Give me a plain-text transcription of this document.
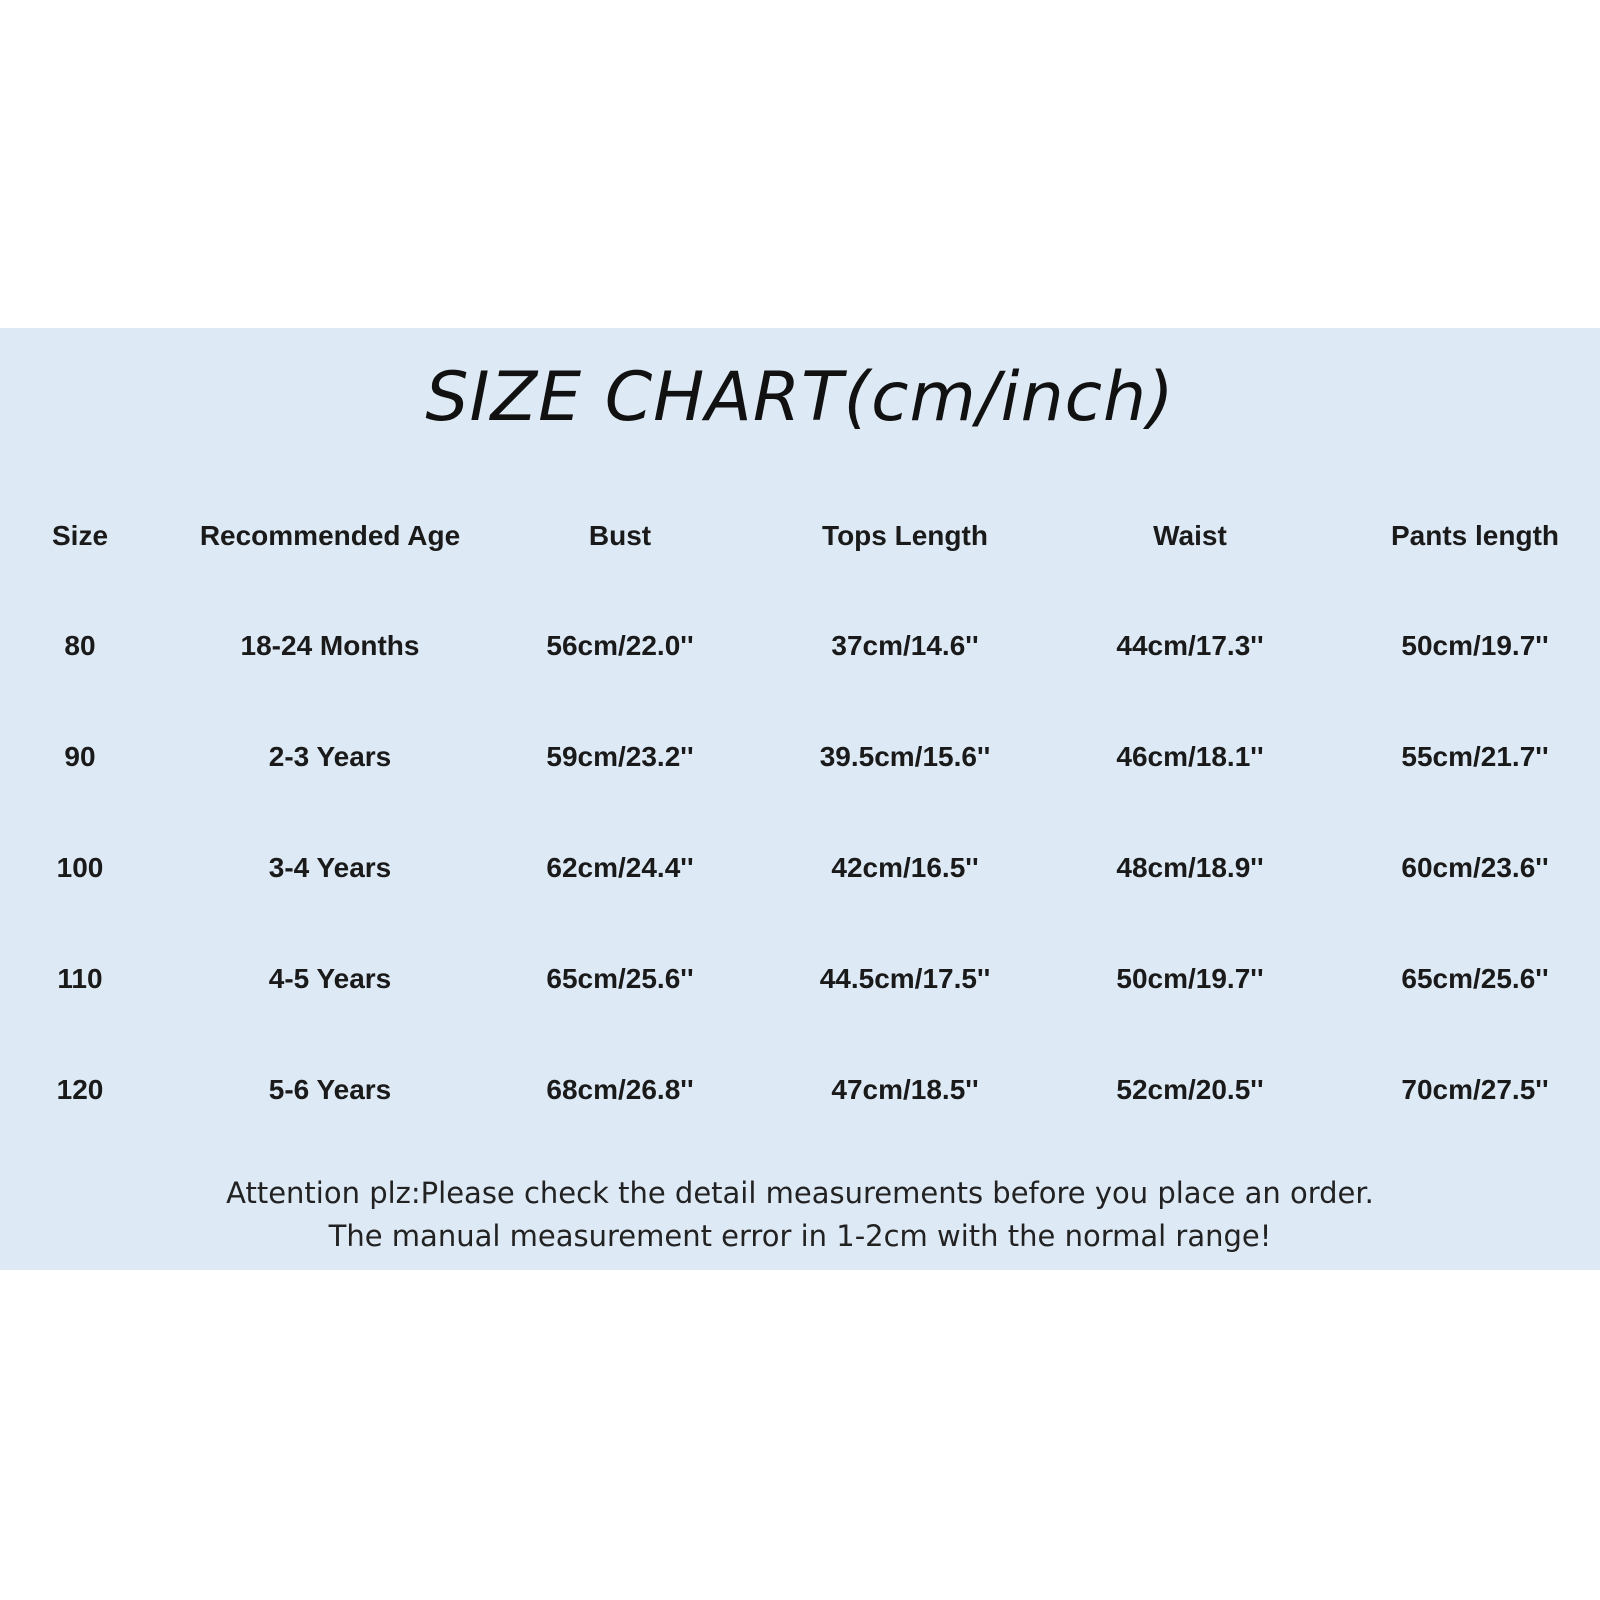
SIZE CHART(cm/inch)
Size	Recommended Age	Bust	Tops Length	Waist	Pants length
80	18-24 Months	56cm/22.0''	37cm/14.6''	44cm/17.3''	50cm/19.7''
90	2-3 Years	59cm/23.2''	39.5cm/15.6''	46cm/18.1''	55cm/21.7''
100	3-4 Years	62cm/24.4''	42cm/16.5''	48cm/18.9''	60cm/23.6''
110	4-5 Years	65cm/25.6''	44.5cm/17.5''	50cm/19.7''	65cm/25.6''
120	5-6 Years	68cm/26.8''	47cm/18.5''	52cm/20.5''	70cm/27.5''
Attention plz:Please check the detail measurements before you place an order.
The manual measurement error in 1-2cm with the normal range!
